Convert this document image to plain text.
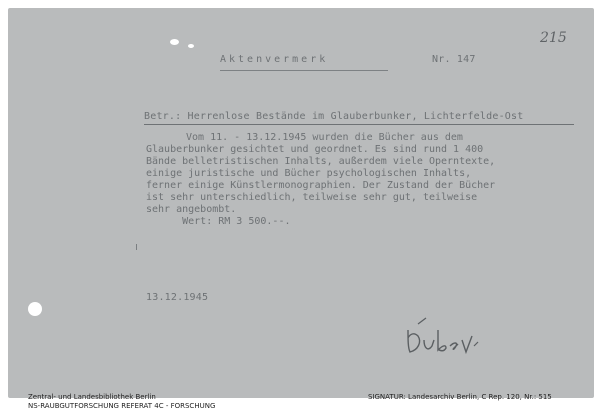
215
Aktenvermerk	Nr. 147
Betr.: Herrenlose Bestände im Glauberbunker, Lichterfelde-Ost
Vom 11. - 13.12.1945 wurden die Bücher aus dem
Glauberbunker gesichtet und geordnet. Es sind rund 1 400
Bände belletristischen Inhalts, außerdem viele Operntexte,
einige juristische und Bücher psychologischen Inhalts,
ferner einige Künstlermonographien. Der Zustand der Bücher
ist sehr unterschiedlich, teilweise sehr gut, teilweise
sehr angebombt.
Wert: RM 3 500.--.
13.12.1945
Zentral- und Landesbibliothek Berlin
NS-RAUBGUTFORSCHUNG REFERAT 4C - FORSCHUNG
SIGNATUR: Landesarchiv Berlin, C Rep. 120, Nr.: 515
